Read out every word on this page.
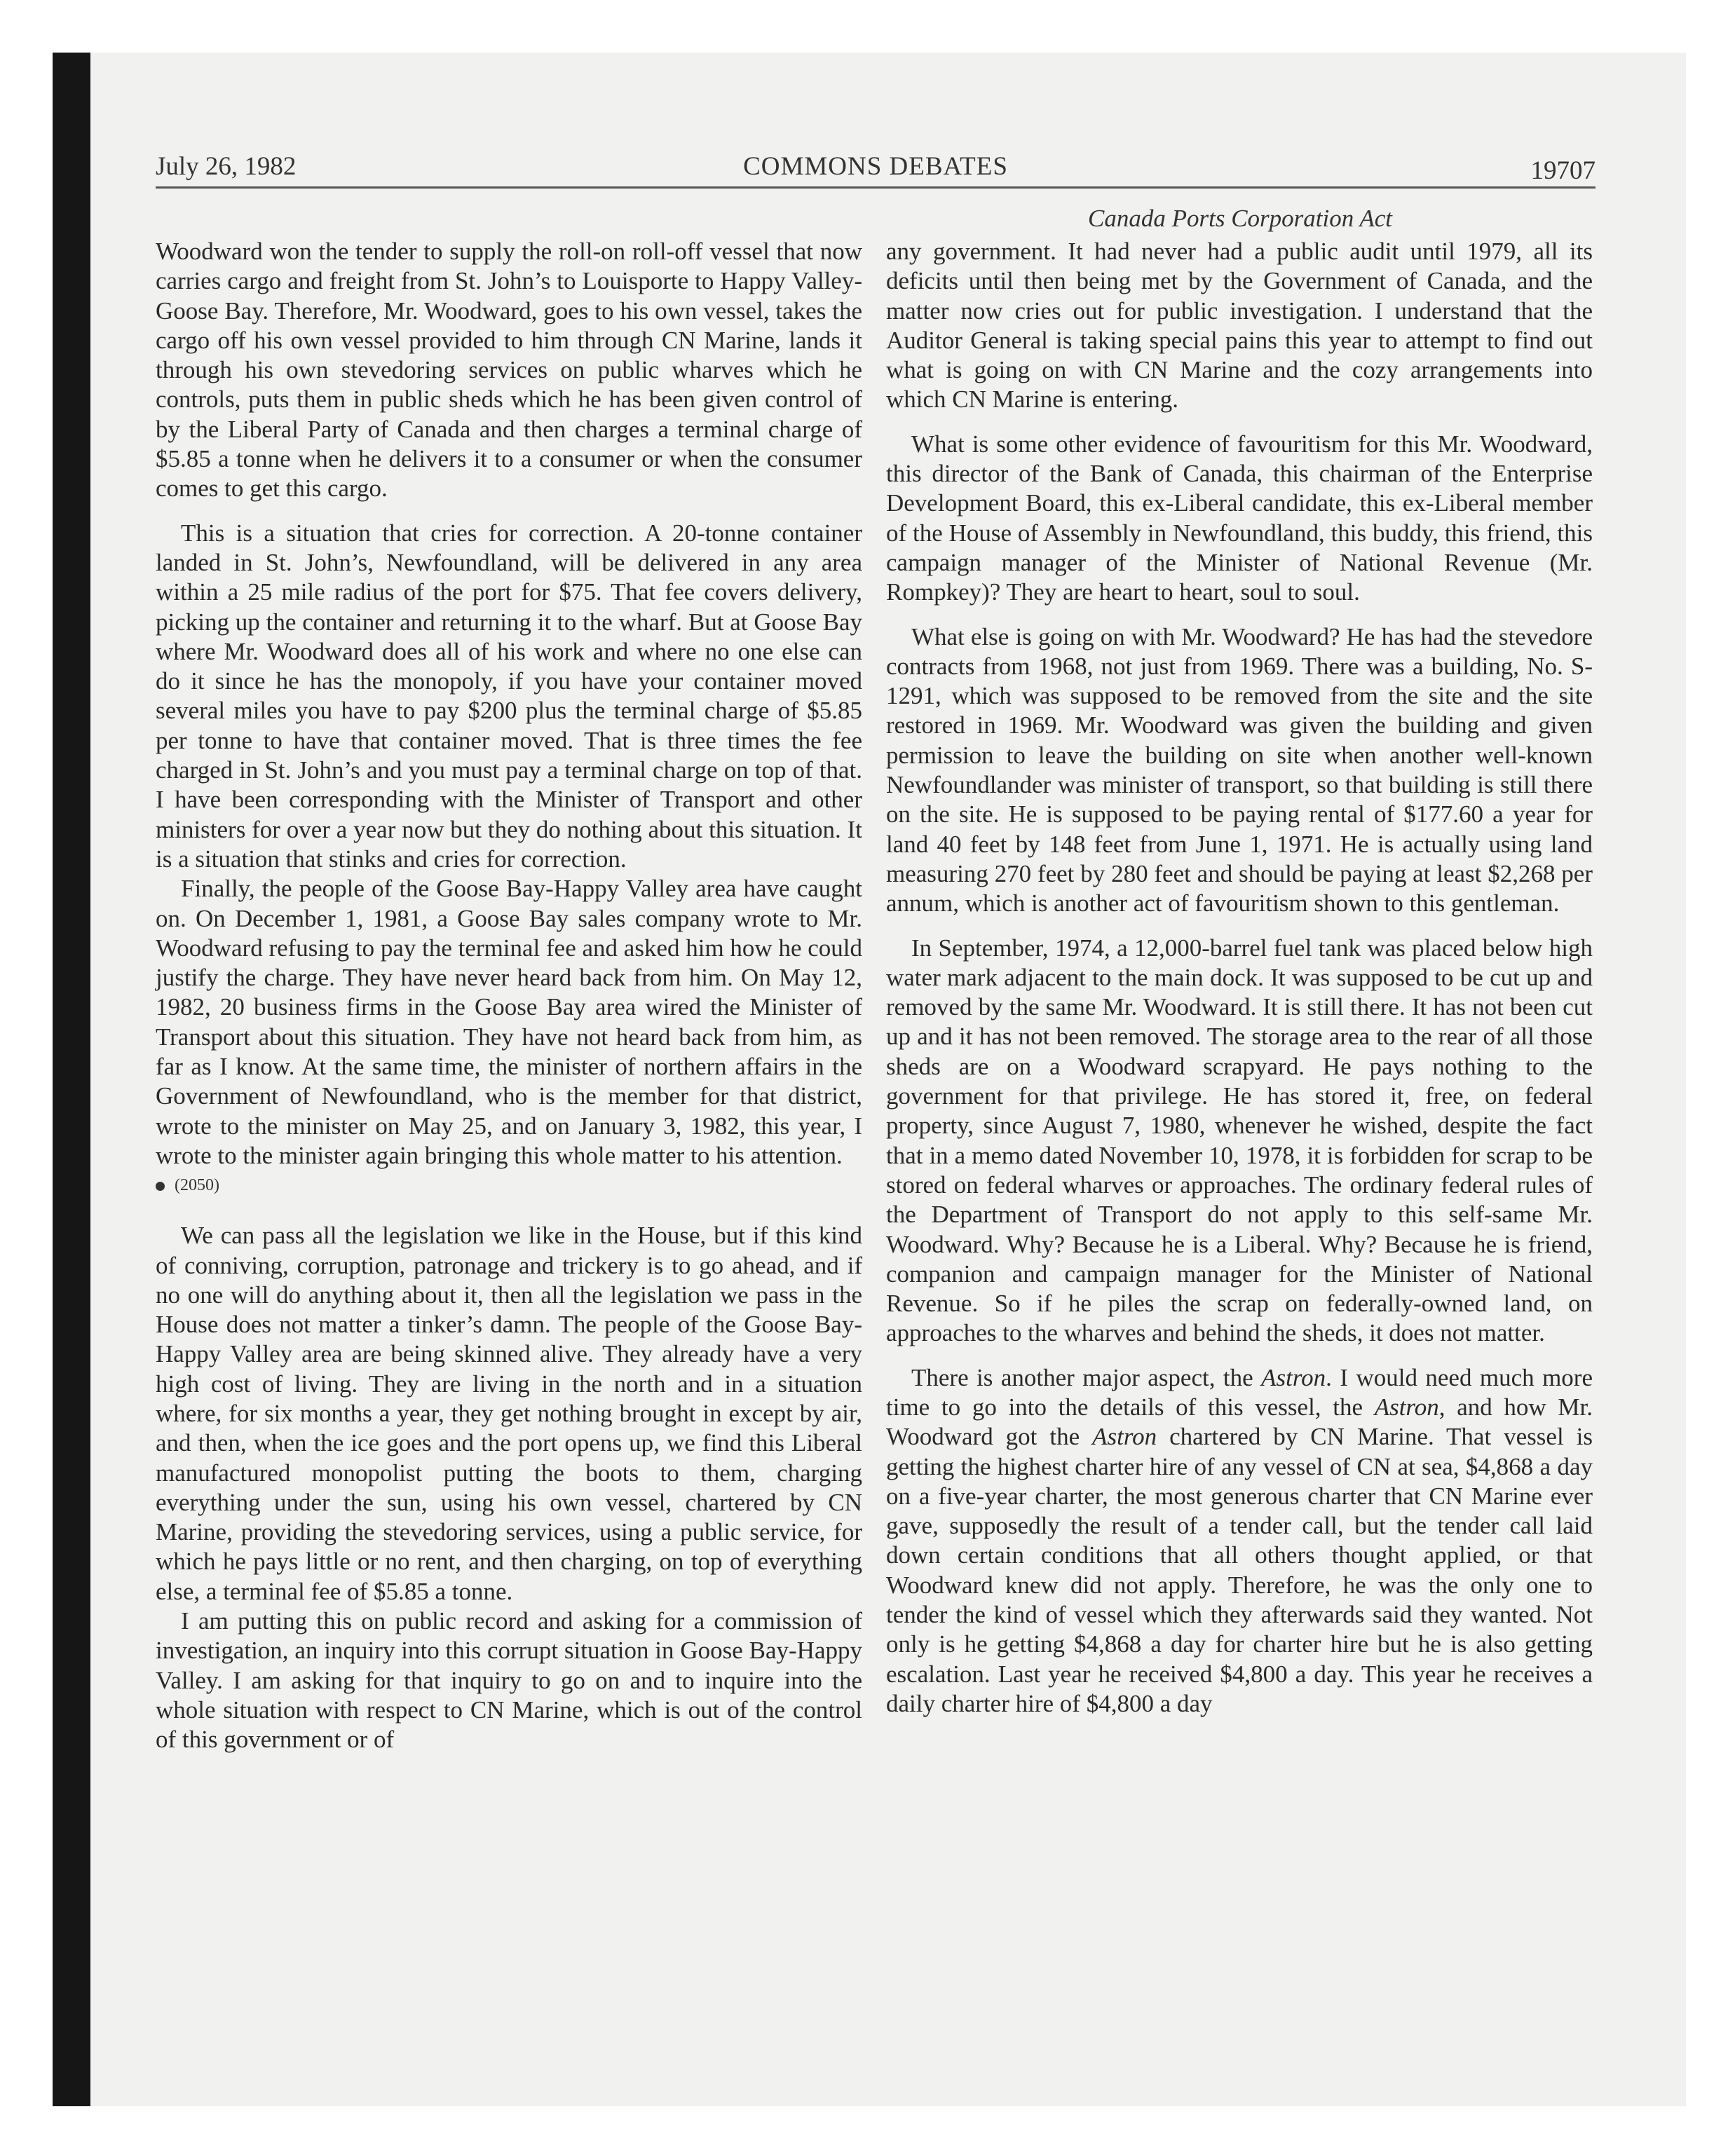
July 26, 1982	COMMONS DEBATES	19707
Canada Ports Corporation Act

Woodward won the tender to supply the roll-on roll-off vessel that now carries cargo and freight from St. John’s to Louisporte to Happy Valley-Goose Bay. Therefore, Mr. Woodward, goes to his own vessel, takes the cargo off his own vessel provided to him through CN Marine, lands it through his own stevedoring services on public wharves which he controls, puts them in public sheds which he has been given control of by the Liberal Party of Canada and then charges a terminal charge of $5.85 a tonne when he delivers it to a consumer or when the consumer comes to get this cargo.

This is a situation that cries for correction. A 20-tonne container landed in St. John’s, Newfoundland, will be delivered in any area within a 25 mile radius of the port for $75. That fee covers delivery, picking up the container and returning it to the wharf. But at Goose Bay where Mr. Woodward does all of his work and where no one else can do it since he has the monopoly, if you have your container moved several miles you have to pay $200 plus the terminal charge of $5.85 per tonne to have that container moved. That is three times the fee charged in St. John’s and you must pay a terminal charge on top of that. I have been corresponding with the Minister of Transport and other ministers for over a year now but they do nothing about this situation. It is a situation that stinks and cries for correction.

Finally, the people of the Goose Bay-Happy Valley area have caught on. On December 1, 1981, a Goose Bay sales company wrote to Mr. Woodward refusing to pay the terminal fee and asked him how he could justify the charge. They have never heard back from him. On May 12, 1982, 20 business firms in the Goose Bay area wired the Minister of Transport about this situation. They have not heard back from him, as far as I know. At the same time, the minister of northern affairs in the Government of Newfoundland, who is the member for that district, wrote to the minister on May 25, and on January 3, 1982, this year, I wrote to the minister again bringing this whole matter to his attention.

(2050)

We can pass all the legislation we like in the House, but if this kind of conniving, corruption, patronage and trickery is to go ahead, and if no one will do anything about it, then all the legislation we pass in the House does not matter a tinker’s damn. The people of the Goose Bay-Happy Valley area are being skinned alive. They already have a very high cost of living. They are living in the north and in a situation where, for six months a year, they get nothing brought in except by air, and then, when the ice goes and the port opens up, we find this Liberal manufactured monopolist putting the boots to them, charging everything under the sun, using his own vessel, chartered by CN Marine, providing the stevedoring services, using a public service, for which he pays little or no rent, and then charging, on top of everything else, a terminal fee of $5.85 a tonne.

I am putting this on public record and asking for a commission of investigation, an inquiry into this corrupt situation in Goose Bay-Happy Valley. I am asking for that inquiry to go on and to inquire into the whole situation with respect to CN Marine, which is out of the control of this government or of

any government. It had never had a public audit until 1979, all its deficits until then being met by the Government of Canada, and the matter now cries out for public investigation. I understand that the Auditor General is taking special pains this year to attempt to find out what is going on with CN Marine and the cozy arrangements into which CN Marine is entering.

What is some other evidence of favouritism for this Mr. Woodward, this director of the Bank of Canada, this chairman of the Enterprise Development Board, this ex-Liberal candidate, this ex-Liberal member of the House of Assembly in Newfoundland, this buddy, this friend, this campaign manager of the Minister of National Revenue (Mr. Rompkey)? They are heart to heart, soul to soul.

What else is going on with Mr. Woodward? He has had the stevedore contracts from 1968, not just from 1969. There was a building, No. S-1291, which was supposed to be removed from the site and the site restored in 1969. Mr. Woodward was given the building and given permission to leave the building on site when another well-known Newfoundlander was minister of transport, so that building is still there on the site. He is supposed to be paying rental of $177.60 a year for land 40 feet by 148 feet from June 1, 1971. He is actually using land measuring 270 feet by 280 feet and should be paying at least $2,268 per annum, which is another act of favouritism shown to this gentleman.

In September, 1974, a 12,000-barrel fuel tank was placed below high water mark adjacent to the main dock. It was supposed to be cut up and removed by the same Mr. Woodward. It is still there. It has not been cut up and it has not been removed. The storage area to the rear of all those sheds are on a Woodward scrapyard. He pays nothing to the government for that privilege. He has stored it, free, on federal property, since August 7, 1980, whenever he wished, despite the fact that in a memo dated November 10, 1978, it is forbidden for scrap to be stored on federal wharves or approaches. The ordinary federal rules of the Department of Transport do not apply to this self-same Mr. Woodward. Why? Because he is a Liberal. Why? Because he is friend, companion and campaign manager for the Minister of National Revenue. So if he piles the scrap on federally-owned land, on approaches to the wharves and behind the sheds, it does not matter.

There is another major aspect, the Astron. I would need much more time to go into the details of this vessel, the Astron, and how Mr. Woodward got the Astron chartered by CN Marine. That vessel is getting the highest charter hire of any vessel of CN at sea, $4,868 a day on a five-year charter, the most generous charter that CN Marine ever gave, supposedly the result of a tender call, but the tender call laid down certain conditions that all others thought applied, or that Woodward knew did not apply. Therefore, he was the only one to tender the kind of vessel which they afterwards said they wanted. Not only is he getting $4,868 a day for charter hire but he is also getting escalation. Last year he received $4,800 a day. This year he receives a daily charter hire of $4,800 a day
